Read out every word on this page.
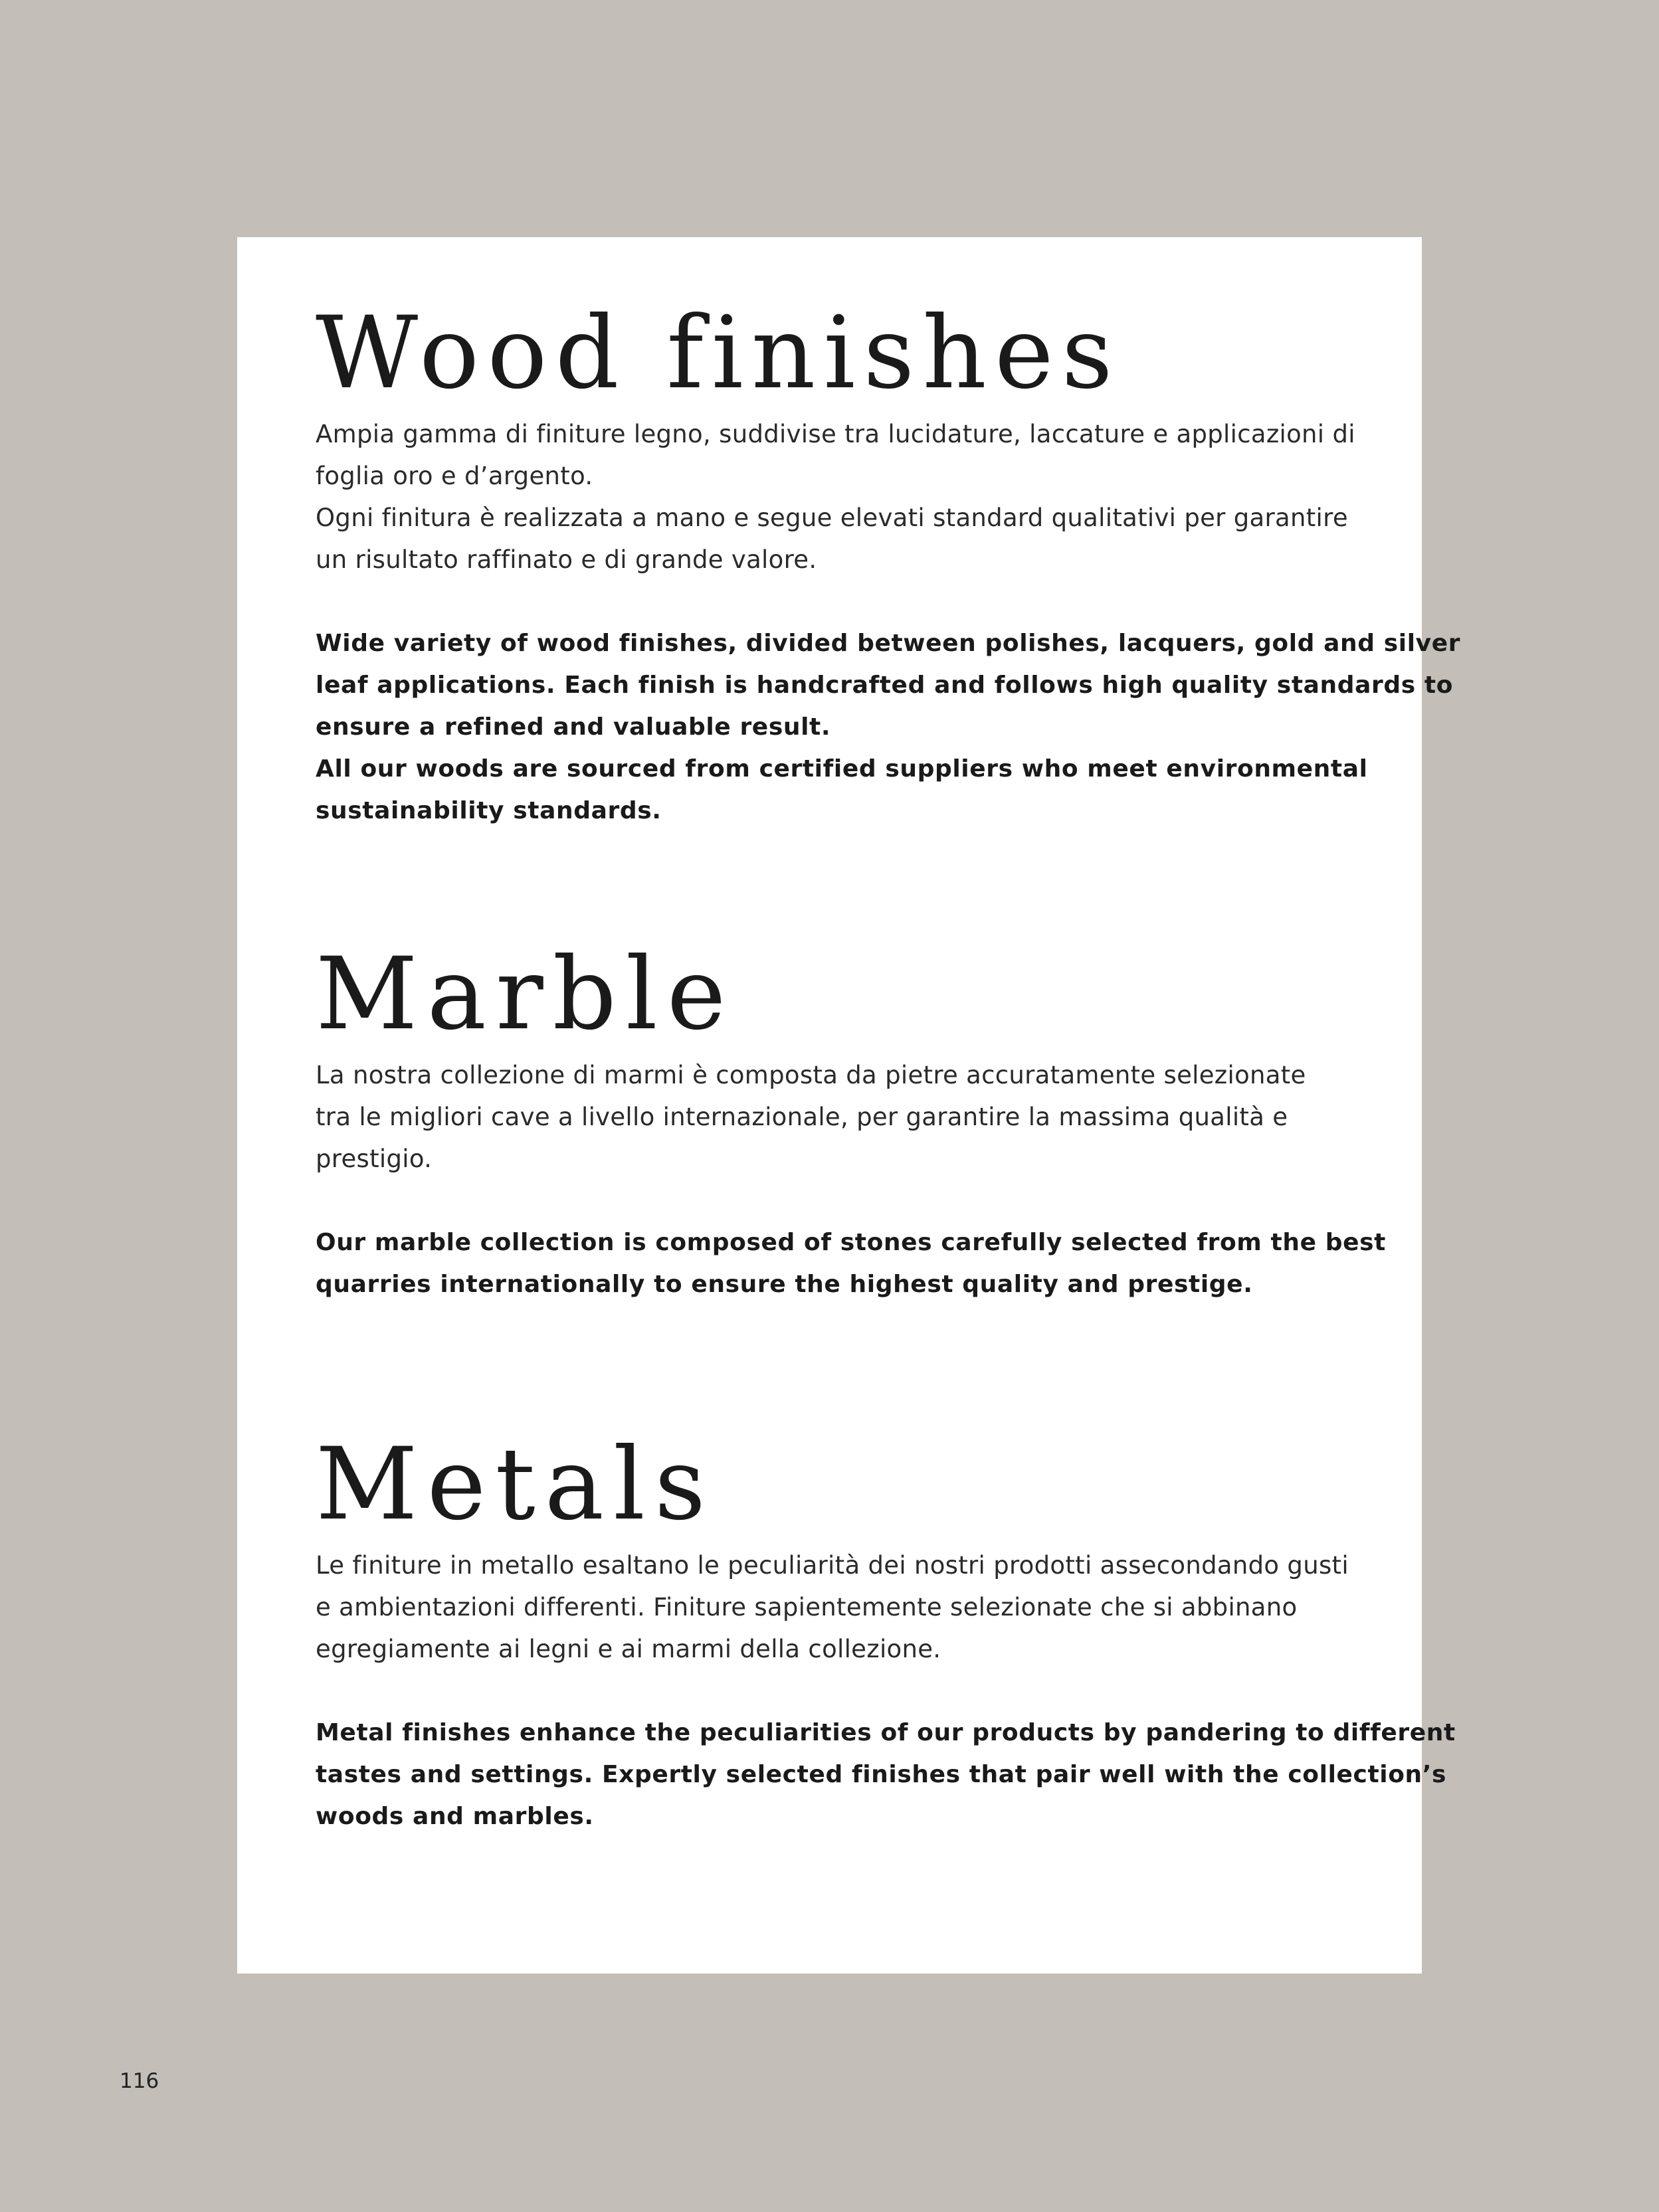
Wood finishes

Ampia gamma di finiture legno, suddivise tra lucidature, laccature e applicazioni di
foglia oro e d’argento.
Ogni finitura è realizzata a mano e segue elevati standard qualitativi per garantire
un risultato raffinato e di grande valore.

Wide variety of wood finishes, divided between polishes, lacquers, gold and silver
leaf applications. Each finish is handcrafted and follows high quality standards to
ensure a refined and valuable result.
All our woods are sourced from certified suppliers who meet environmental
sustainability standards.

Marble

La nostra collezione di marmi è composta da pietre accuratamente selezionate
tra le migliori cave a livello internazionale, per garantire la massima qualità e
prestigio.

Our marble collection is composed of stones carefully selected from the best
quarries internationally to ensure the highest quality and prestige.

Metals

Le finiture in metallo esaltano le peculiarità dei nostri prodotti assecondando gusti
e ambientazioni differenti. Finiture sapientemente selezionate che si abbinano
egregiamente ai legni e ai marmi della collezione.

Metal finishes enhance the peculiarities of our products by pandering to different
tastes and settings. Expertly selected finishes that pair well with the collection’s
woods and marbles.

116
